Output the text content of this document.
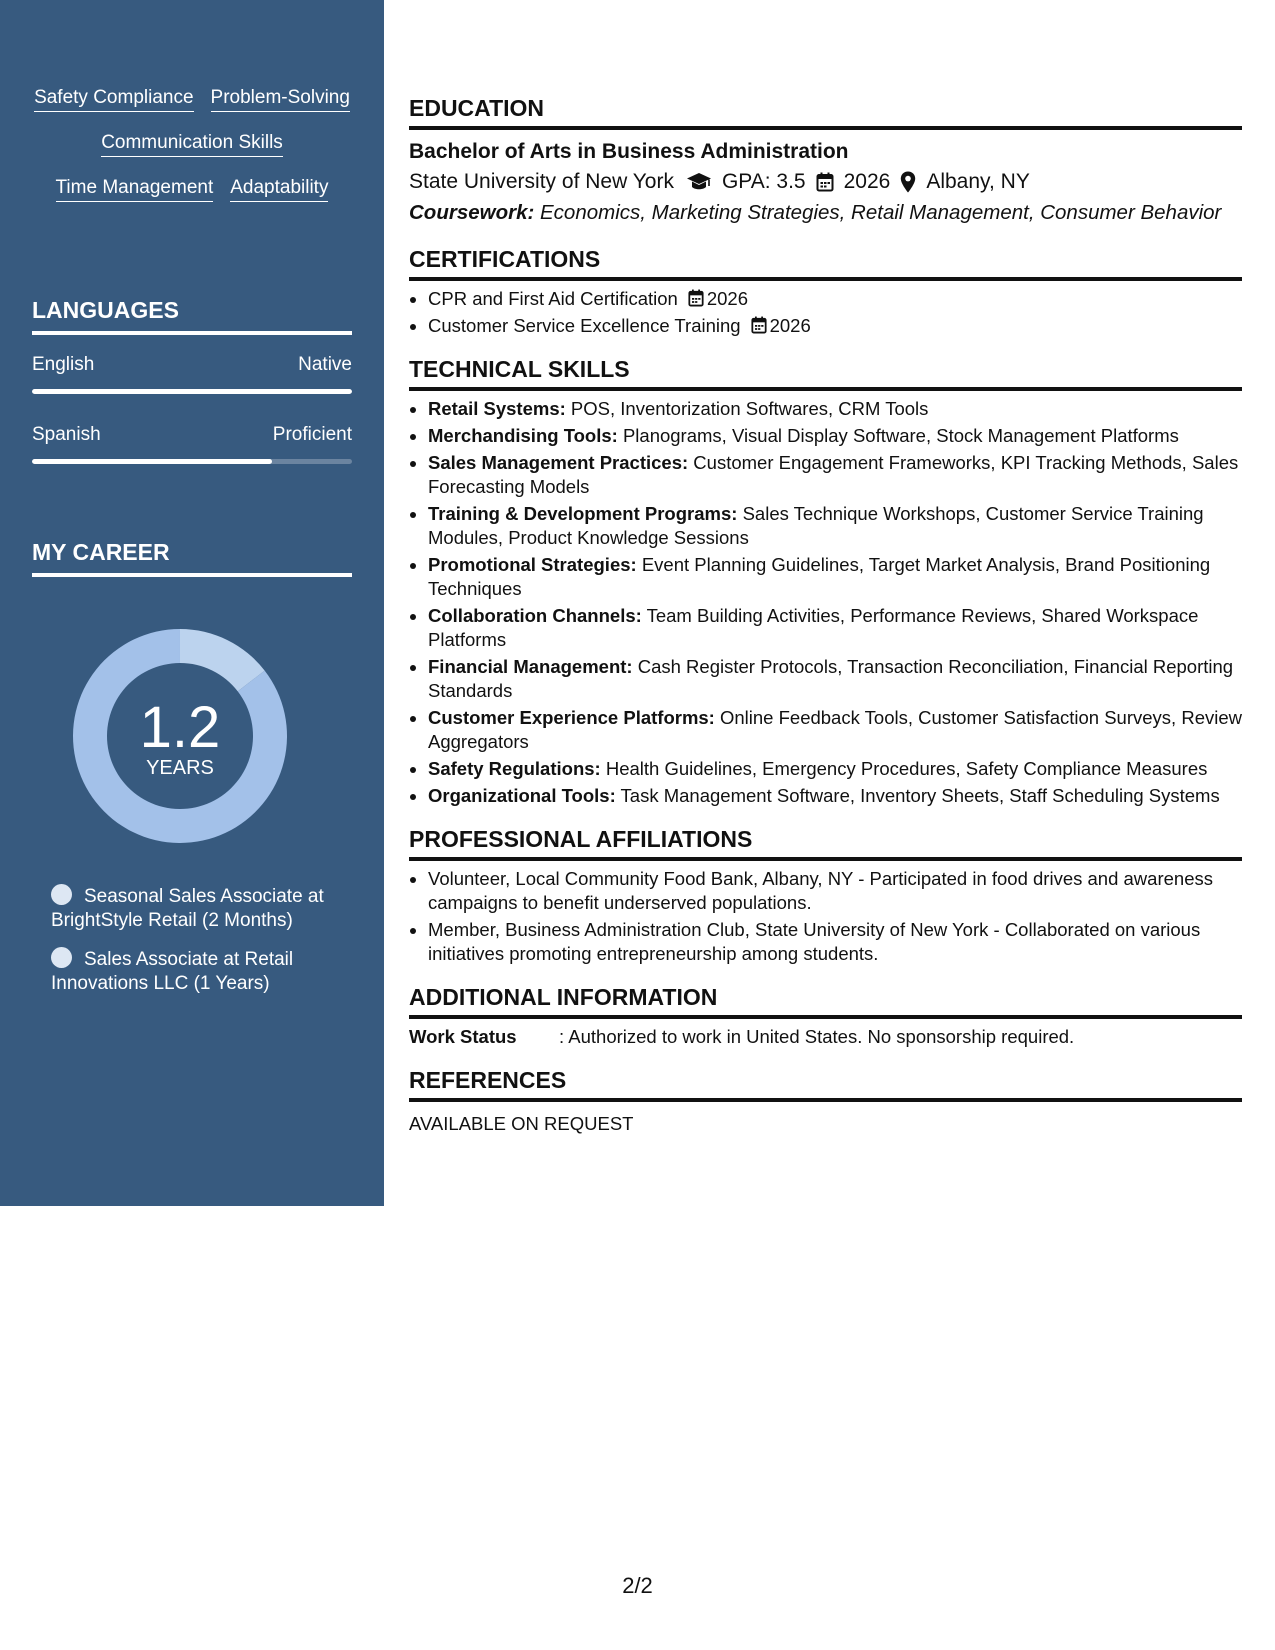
Safety Compliance Problem-Solving
Communication Skills
Time Management Adaptability
LANGUAGES
English	Native
Spanish	Proficient
MY CAREER
1.2
YEARS
Seasonal Sales Associate at BrightStyle Retail (2 Months)
Sales Associate at Retail Innovations LLC (1 Years)
EDUCATION
Bachelor of Arts in Business Administration
State University of New York GPA: 3.5 2026 Albany, NY
Coursework: Economics, Marketing Strategies, Retail Management, Consumer Behavior
CERTIFICATIONS
• CPR and First Aid Certification 2026
• Customer Service Excellence Training 2026
TECHNICAL SKILLS
• Retail Systems: POS, Inventorization Softwares, CRM Tools
• Merchandising Tools: Planograms, Visual Display Software, Stock Management Platforms
• Sales Management Practices: Customer Engagement Frameworks, KPI Tracking Methods, Sales Forecasting Models
• Training & Development Programs: Sales Technique Workshops, Customer Service Training Modules, Product Knowledge Sessions
• Promotional Strategies: Event Planning Guidelines, Target Market Analysis, Brand Positioning Techniques
• Collaboration Channels: Team Building Activities, Performance Reviews, Shared Workspace Platforms
• Financial Management: Cash Register Protocols, Transaction Reconciliation, Financial Reporting Standards
• Customer Experience Platforms: Online Feedback Tools, Customer Satisfaction Surveys, Review Aggregators
• Safety Regulations: Health Guidelines, Emergency Procedures, Safety Compliance Measures
• Organizational Tools: Task Management Software, Inventory Sheets, Staff Scheduling Systems
PROFESSIONAL AFFILIATIONS
• Volunteer, Local Community Food Bank, Albany, NY - Participated in food drives and awareness campaigns to benefit underserved populations.
• Member, Business Administration Club, State University of New York - Collaborated on various initiatives promoting entrepreneurship among students.
ADDITIONAL INFORMATION
Work Status	: Authorized to work in United States. No sponsorship required.
REFERENCES
AVAILABLE ON REQUEST
2/2
